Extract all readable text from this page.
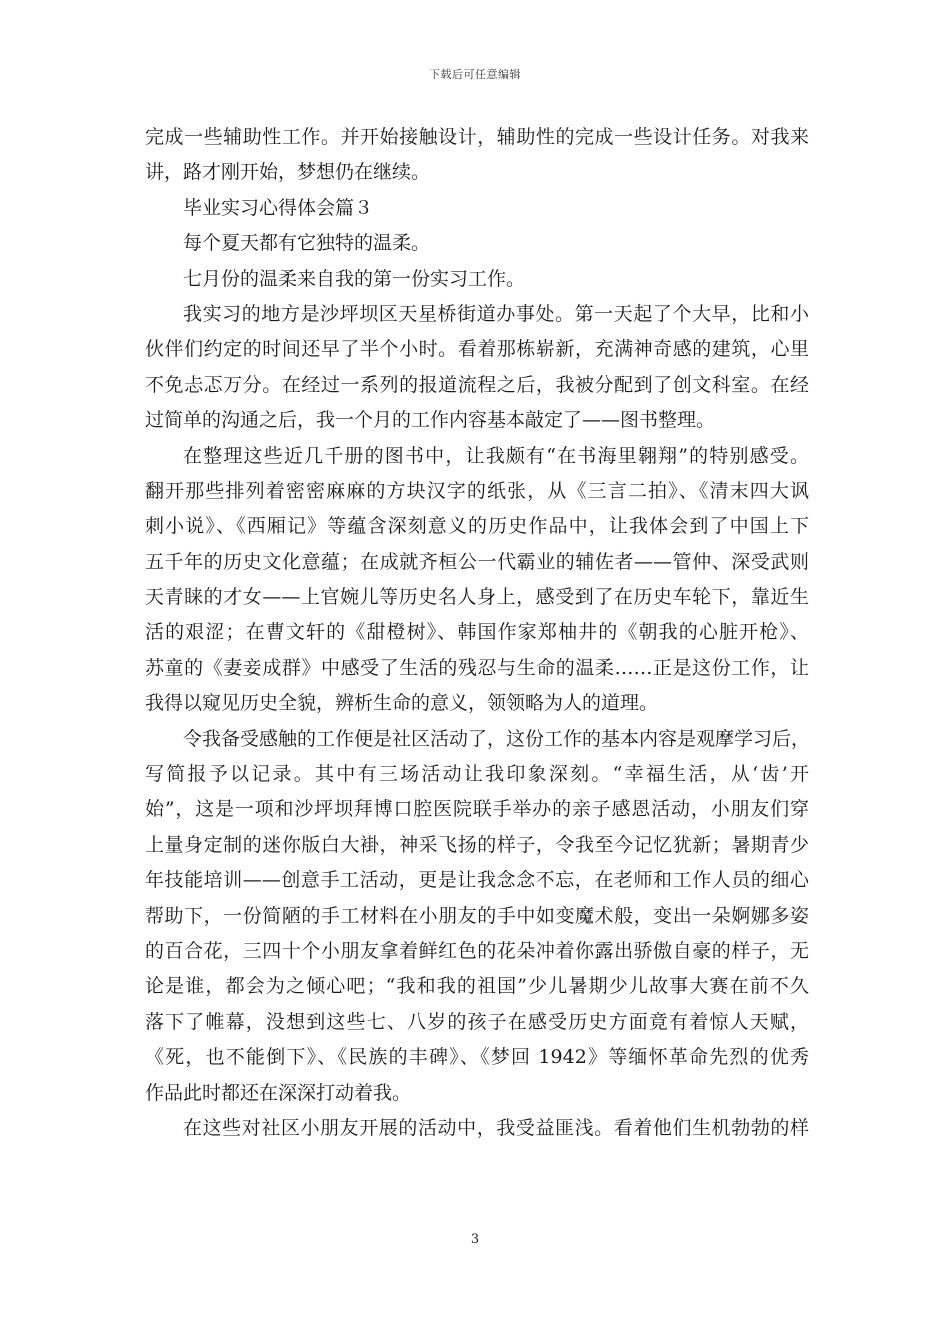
下载后可任意编辑
完成一些辅助性工作。并开始接触设计，辅助性的完成一些设计任务。对我来
讲，路才刚开始，梦想仍在继续。
毕业实习心得体会篇３
每个夏天都有它独特的温柔。
七月份的温柔来自我的第一份实习工作。
我实习的地方是沙坪坝区天星桥街道办事处。第一天起了个大早，比和小
伙伴们约定的时间还早了半个小时。看着那栋崭新，充满神奇感的建筑，心里
不免忐忑万分。在经过一系列的报道流程之后，我被分配到了创文科室。在经
过简单的沟通之后，我一个月的工作内容基本敲定了——图书整理。
在整理这些近几千册的图书中，让我颇有“在书海里翱翔”的特别感受。
翻开那些排列着密密麻麻的方块汉字的纸张，从《三言二拍》、《清末四大讽
刺小说》、《西厢记》等蕴含深刻意义的历史作品中，让我体会到了中国上下
五千年的历史文化意蕴；在成就齐桓公一代霸业的辅佐者——管仲、深受武则
天青睐的才女——上官婉儿等历史名人身上，感受到了在历史车轮下，靠近生
活的艰涩；在曹文轩的《甜橙树》、韩国作家郑柚井的《朝我的心脏开枪》、
苏童的《妻妾成群》中感受了生活的残忍与生命的温柔……正是这份工作，让
我得以窥见历史全貌，辨析生命的意义，领领略为人的道理。
令我备受感触的工作便是社区活动了，这份工作的基本内容是观摩学习后，
写简报予以记录。其中有三场活动让我印象深刻。“幸福生活，从‘齿’开
始”，这是一项和沙坪坝拜博口腔医院联手举办的亲子感恩活动，小朋友们穿
上量身定制的迷你版白大褂，神采飞扬的样子，令我至今记忆犹新；暑期青少
年技能培训——创意手工活动，更是让我念念不忘，在老师和工作人员的细心
帮助下，一份简陋的手工材料在小朋友的手中如变魔术般，变出一朵婀娜多姿
的百合花，三四十个小朋友拿着鲜红色的花朵冲着你露出骄傲自豪的样子，无
论是谁，都会为之倾心吧；“我和我的祖国”少儿暑期少儿故事大赛在前不久
落下了帷幕，没想到这些七、八岁的孩子在感受历史方面竟有着惊人天赋，
《死，也不能倒下》、《民族的丰碑》、《梦回 1942》等缅怀革命先烈的优秀
作品此时都还在深深打动着我。
在这些对社区小朋友开展的活动中，我受益匪浅。看着他们生机勃勃的样
3
